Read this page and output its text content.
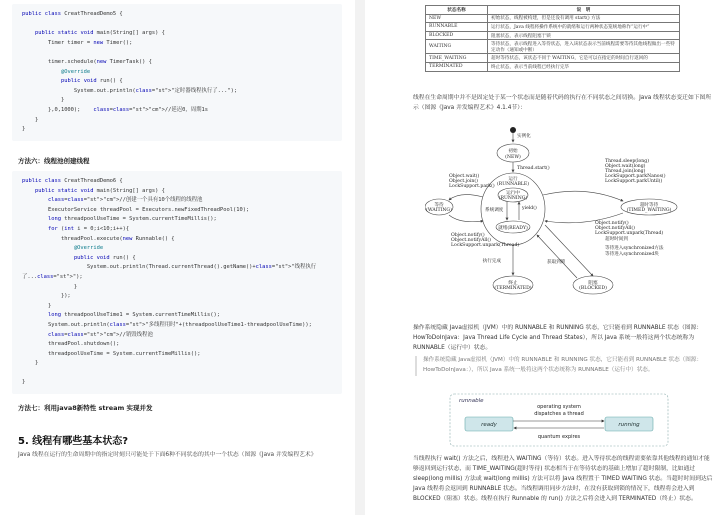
public class CreatThreadDemo5 {
public static void main(String[] args) {
Timer timer = new Timer();
timer.schedule(new TimerTask() {
@Override
public void run() {
System.out.println(class="st">"定时器线程执行了...");
}
},0,1000);    class=class="st">"cm">//延迟0，周期1s
}
}
方法六：线程池创建线程
public class CreatThreadDemo6 {
public static void main(String[] args) {
class=class="st">"cm">//创建一个具有10个线程的线程池
ExecutorService threadPool = Executors.newFixedThreadPool(10);
long threadpoolUseTime = System.currentTimeMillis();
for (int i = 0;i<10;i++){
threadPool.execute(new Runnable() {
@Override
public void run() {
System.out.println(Thread.currentThread().getName()+class="st">"线程执行
了...class="st">");
}
});
}
long threadpoolUseTime1 = System.currentTimeMillis();
System.out.println(class="st">"多线程用时"+(threadpoolUseTime1-threadpoolUseTime));
class=class="st">"cm">//销毁线程池
threadPool.shutdown();
threadpoolUseTime = System.currentTimeMillis();
}
}
方法七：利用java8新特性 stream 实现并发
5. 线程有哪些基本状态?
Java 线程在运行的生命周期中的指定时刻只可能处于下面6种不同状态的其中一个状态（图源《Java 并发编程艺术》
状态名称	说　明
NEW	初始状态，线程被构建，但是还没有调用 start() 方法
RUNNABLE	运行状态，Java 线程将操作系统中的就绪和运行两种状态笼统地称作“运行中”
BLOCKED	阻塞状态，表示线程阻塞于锁
WAITING	等待状态，表示线程进入等待状态，进入该状态表示当前线程需要等待其他线程做出一些特定动作（通知或中断）
TIME_WAITING	超时等待状态，该状态不同于 WAITING，它是可以在指定的时间自行返回的
TERMINATED	终止状态，表示当前线程已经执行完毕
线程在生命周期中并不是固定处于某一个状态而是随着代码的执行在不同状态之间切换。Java 线程状态变迁如下图所示（图源《Java 并发编程艺术》4.1.4节）：
实例化
初始
(NEW)
Thread.start()
运行
(RUNNABLE)
运行中
(RUNNING)
系统调度	yield()
就绪(READY)
等待
(WAITING)
Object.wait()
Object.join()
LockSupport.park()
Object.notify()
Object.notifyAll()
LockSupport.unpark(Thread)
超时等待
(TIMED_WAITING)
Thread.sleep(long)
Object.wait(long)
Thread.join(long)
LockSupport.parkNanos()
LockSupport.parkUntil()
Object.notify()
Object.notifyAll()
LockSupport.unpark(Thread)
超时时间到
等待进入synchronized方法
等待进入synchronized块
执行完成
终止
(TERMINATED)
阻塞
(BLOCKED)
获取到锁
操作系统隐藏 Java虚拟机（JVM）中的 RUNNABLE 和 RUNNING 状态，它只能看到 RUNNABLE 状态（图源：HowToDoInJava：Java Thread Life Cycle and Thread States），所以 Java 系统一般将这两个状态统称为 RUNNABLE（运行中）状态。
操作系统隐藏 Java虚拟机（JVM）中的 RUNNABLE 和 RUNNING 状态，它只能看到 RUNNABLE 状态（图源：HowToDoInJava：），所以 Java 系统一般将这两个状态统称为 RUNNABLE（运行中）状态。
runnable
ready	running
operating system
dispatches a thread
quantum expires
当线程执行 wait() 方法之后，线程进入 WAITING（等待）状态。进入等待状态的线程需要依靠其他线程的通知才能够返回到运行状态，而 TIME_WAITING(超时等待) 状态相当于在等待状态的基础上增加了超时限制，比如通过 sleep(long millis) 方法或 wait(long millis) 方法可以将 Java 线程置于 TIMED WAITING 状态。当超时时间到达后 Java 线程将会返回到 RUNNABLE 状态。当线程调用同步方法时，在没有获取到锁的情况下，线程将会进入到 BLOCKED（阻塞）状态。线程在执行 Runnable 的 run() 方法之后将会进入到 TERMINATED（终止）状态。
